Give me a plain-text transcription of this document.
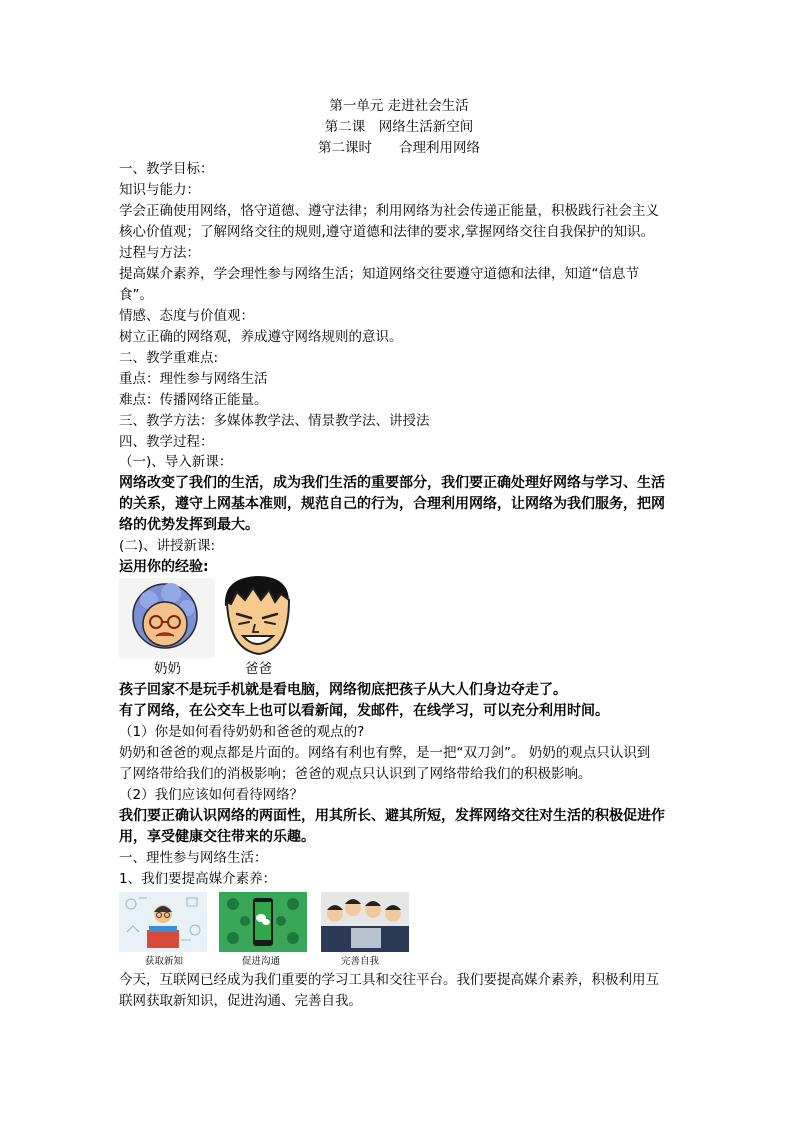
第一单元 走进社会生活
第二课　网络生活新空间
第二课时　　合理利用网络
一、教学目标：
知识与能力：
学会正确使用网络，恪守道德、遵守法律；利用网络为社会传递正能量，积极践行社会主义
核心价值观；了解网络交往的规则,遵守道德和法律的要求,掌握网络交往自我保护的知识。
过程与方法：
提高媒介素养，学会理性参与网络生活；知道网络交往要遵守道德和法律，知道“信息节
食”。
情感、态度与价值观：
树立正确的网络观，养成遵守网络规则的意识。
二、教学重难点:
重点：理性参与网络生活
难点：传播网络正能量。
三、教学方法：多媒体教学法、情景教学法、讲授法
四、教学过程：
（一)、导入新课：
网络改变了我们的生活，成为我们生活的重要部分，我们要正确处理好网络与学习、生活
的关系，遵守上网基本准则，规范自己的行为，合理利用网络，让网络为我们服务，把网
络的优势发挥到最大。
(二)、讲授新课:
运用你的经验:
奶奶	爸爸
孩子回家不是玩手机就是看电脑，网络彻底把孩子从大人们身边夺走了。
有了网络，在公交车上也可以看新闻，发邮件，在线学习，可以充分利用时间。
（1）你是如何看待奶奶和爸爸的观点的?
奶奶和爸爸的观点都是片面的。网络有利也有弊，是一把“双刀剑”。 奶奶的观点只认识到
了网络带给我们的消极影响；爸爸的观点只认识到了网络带给我们的积极影响。
（2）我们应该如何看待网络？
我们要正确认识网络的两面性，用其所长、避其所短，发挥网络交往对生活的积极促进作
用，享受健康交往带来的乐趣。
一、理性参与网络生活：
1、我们要提高媒介素养：
获取新知	促进沟通	完善自我
今天，互联网已经成为我们重要的学习工具和交往平台。我们要提高媒介素养，积极利用互
联网获取新知识，促进沟通、完善自我。
